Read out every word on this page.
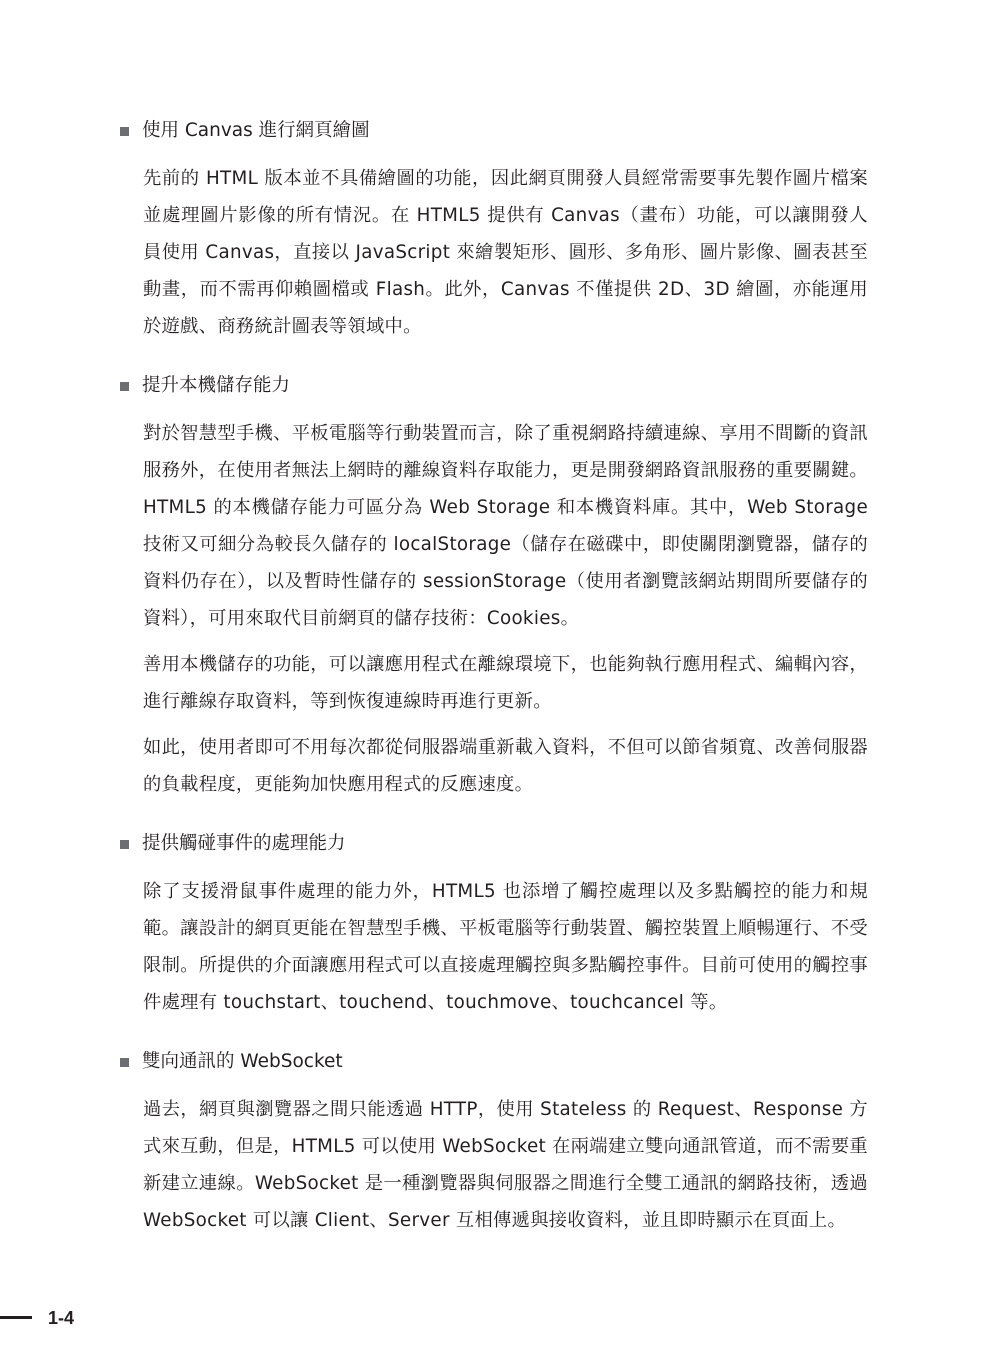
使用 Canvas 進行網頁繪圖

先前的 HTML 版本並不具備繪圖的功能，因此網頁開發人員經常需要事先製作圖片檔案並處理圖片影像的所有情況。在 HTML5 提供有 Canvas（畫布）功能，可以讓開發人員使用 Canvas，直接以 JavaScript 來繪製矩形、圓形、多角形、圖片影像、圖表甚至動畫，而不需再仰賴圖檔或 Flash。此外，Canvas 不僅提供 2D、3D 繪圖，亦能運用於遊戲、商務統計圖表等領域中。

提升本機儲存能力

對於智慧型手機、平板電腦等行動裝置而言，除了重視網路持續連線、享用不間斷的資訊服務外，在使用者無法上網時的離線資料存取能力，更是開發網路資訊服務的重要關鍵。HTML5 的本機儲存能力可區分為 Web Storage 和本機資料庫。其中，Web Storage 技術又可細分為較長久儲存的 localStorage（儲存在磁碟中，即使關閉瀏覽器，儲存的資料仍存在），以及暫時性儲存的 sessionStorage（使用者瀏覽該網站期間所要儲存的資料），可用來取代目前網頁的儲存技術：Cookies。

善用本機儲存的功能，可以讓應用程式在離線環境下，也能夠執行應用程式、編輯內容，進行離線存取資料，等到恢復連線時再進行更新。

如此，使用者即可不用每次都從伺服器端重新載入資料，不但可以節省頻寬、改善伺服器的負載程度，更能夠加快應用程式的反應速度。

提供觸碰事件的處理能力

除了支援滑鼠事件處理的能力外，HTML5 也添增了觸控處理以及多點觸控的能力和規範。讓設計的網頁更能在智慧型手機、平板電腦等行動裝置、觸控裝置上順暢運行、不受限制。所提供的介面讓應用程式可以直接處理觸控與多點觸控事件。目前可使用的觸控事件處理有 touchstart、touchend、touchmove、touchcancel 等。

雙向通訊的 WebSocket

過去，網頁與瀏覽器之間只能透過 HTTP，使用 Stateless 的 Request、Response 方式來互動，但是，HTML5 可以使用 WebSocket 在兩端建立雙向通訊管道，而不需要重新建立連線。WebSocket 是一種瀏覽器與伺服器之間進行全雙工通訊的網路技術，透過 WebSocket 可以讓 Client、Server 互相傳遞與接收資料，並且即時顯示在頁面上。

1-4
